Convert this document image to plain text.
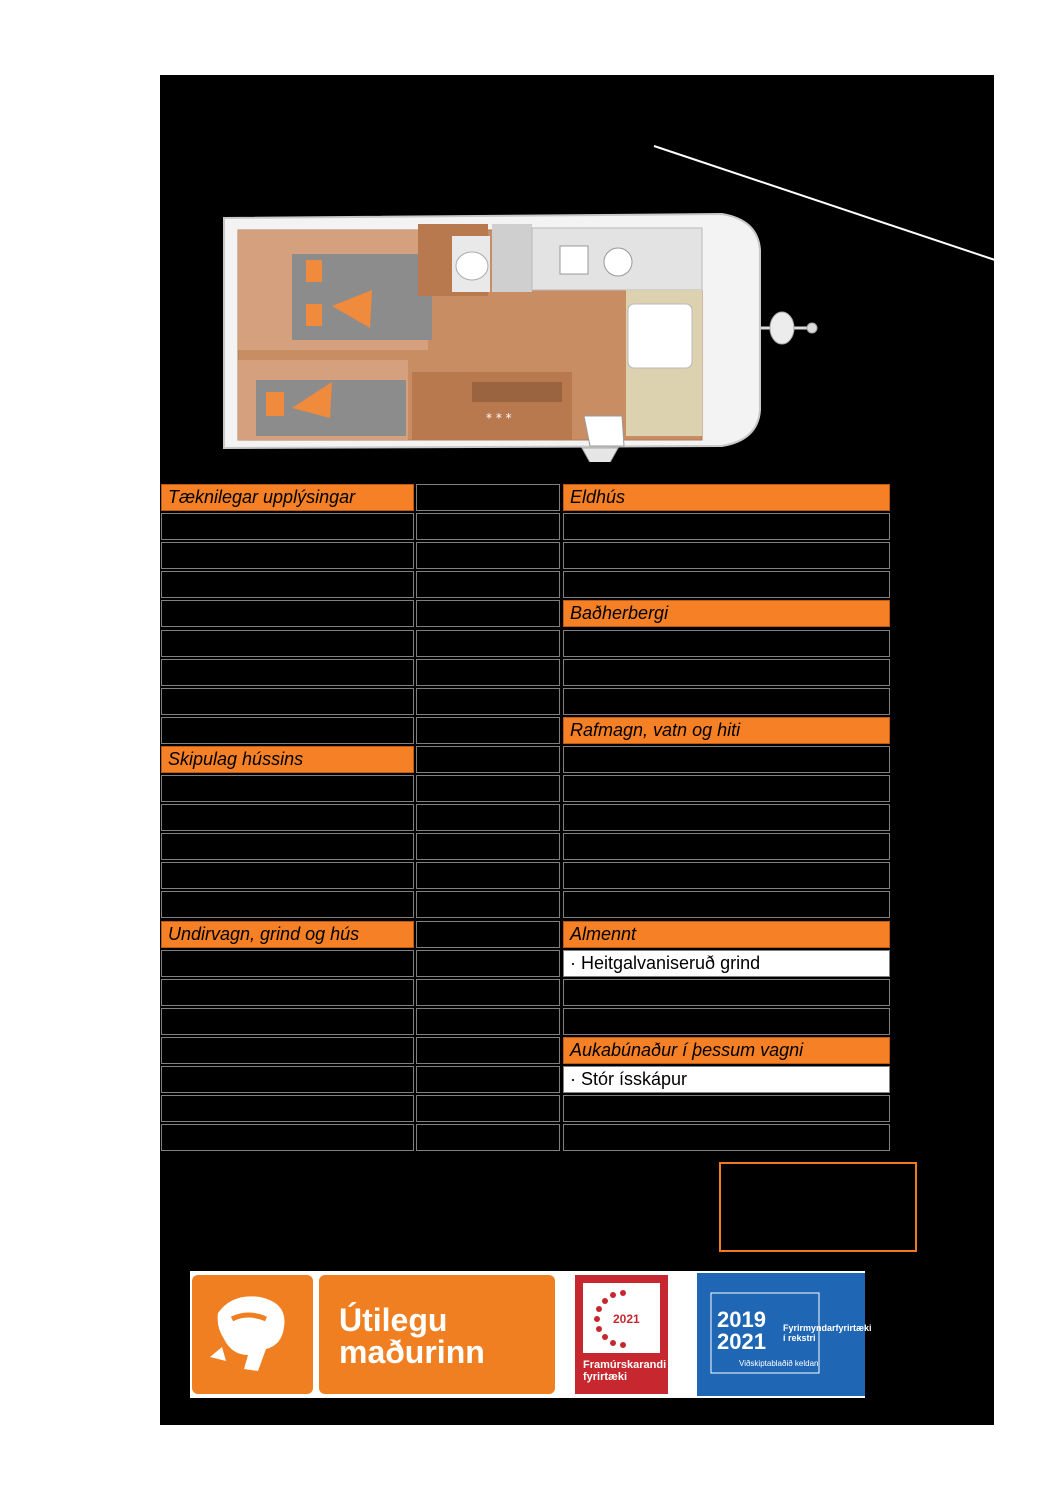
* * *
Tæknilegar upplýsingar
Skipulag hússins
Undirvagn, grind og hús
Eldhús
Baðherbergi
Rafmagn, vatn og hiti
Almennt
· Heitgalvaniseruð grind
Aukabúnaður í þessum vagni
· Stór ísskápur
Útilegu
maðurinn
2021
Framúrskarandi
fyrirtæki
2019
2021
Fyrirmyndarfyrirtæki
í rekstri
Viðskiptablaðið keldan
